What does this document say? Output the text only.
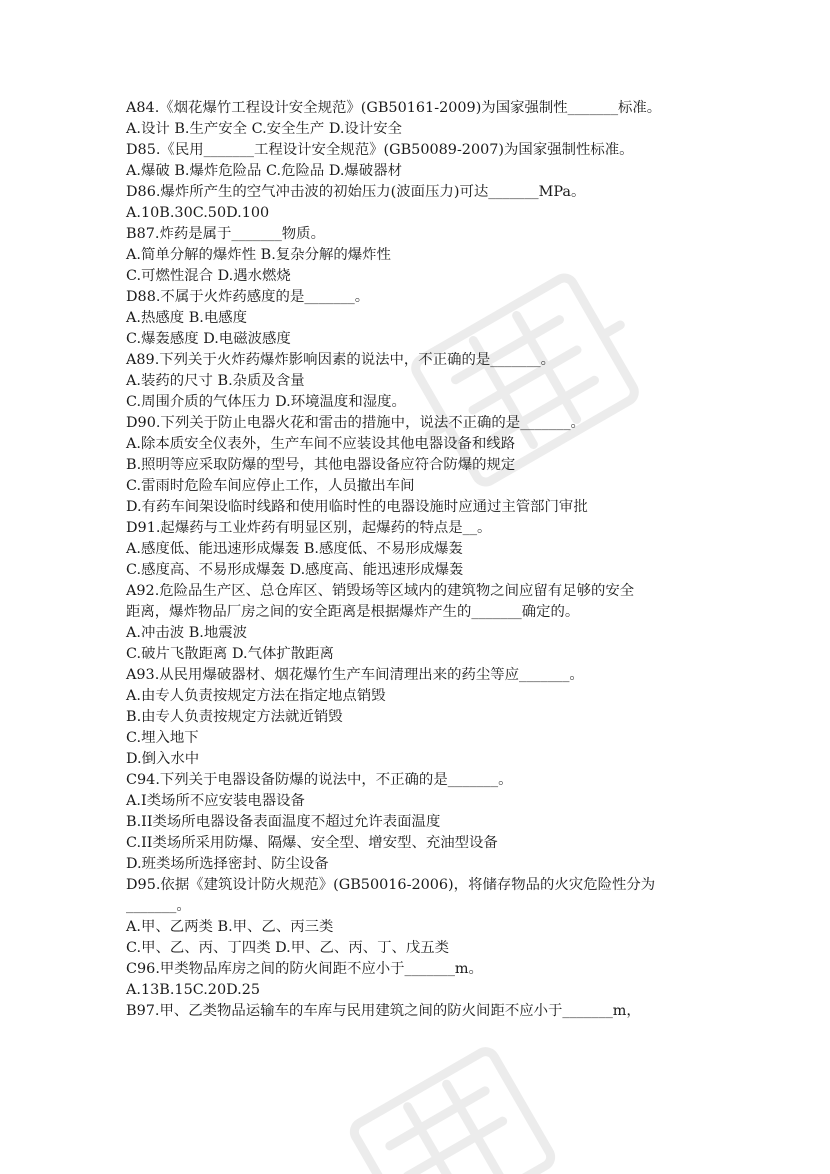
A84.《烟花爆竹工程设计安全规范》(GB50161-2009)为国家强制性_______标准。
A.设计 B.生产安全 C.安全生产 D.设计安全
D85.《民用_______工程设计安全规范》(GB50089-2007)为国家强制性标准。
A.爆破 B.爆炸危险品 C.危险品 D.爆破器材
D86.爆炸所产生的空气冲击波的初始压力(波面压力)可达_______MPa。
A.10B.30C.50D.100
B87.炸药是属于_______物质。
A.简单分解的爆炸性 B.复杂分解的爆炸性
C.可燃性混合 D.遇水燃烧
D88.不属于火炸药感度的是_______。
A.热感度 B.电感度
C.爆轰感度 D.电磁波感度
A89.下列关于火炸药爆炸影响因素的说法中，不正确的是_______。
A.装药的尺寸 B.杂质及含量
C.周围介质的气体压力 D.环境温度和湿度。
D90.下列关于防止电器火花和雷击的措施中，说法不正确的是_______。
A.除本质安全仪表外，生产车间不应装设其他电器设备和线路
B.照明等应采取防爆的型号，其他电器设备应符合防爆的规定
C.雷雨时危险车间应停止工作，人员撤出车间
D.有药车间架设临时线路和使用临时性的电器设施时应通过主管部门审批
D91.起爆药与工业炸药有明显区别，起爆药的特点是__。
A.感度低、能迅速形成爆轰 B.感度低、不易形成爆轰
C.感度高、不易形成爆轰 D.感度高、能迅速形成爆轰
A92.危险品生产区、总仓库区、销毁场等区域内的建筑物之间应留有足够的安全
距离，爆炸物品厂房之间的安全距离是根据爆炸产生的_______确定的。
A.冲击波 B.地震波
C.破片飞散距离 D.气体扩散距离
A93.从民用爆破器材、烟花爆竹生产车间清理出来的药尘等应_______。
A.由专人负责按规定方法在指定地点销毁
B.由专人负责按规定方法就近销毁
C.埋入地下
D.倒入水中
C94.下列关于电器设备防爆的说法中，不正确的是_______。
A.I类场所不应安装电器设备
B.II类场所电器设备表面温度不超过允许表面温度
C.II类场所采用防爆、隔爆、安全型、增安型、充油型设备
D.班类场所选择密封、防尘设备
D95.依据《建筑设计防火规范》(GB50016-2006)，将储存物品的火灾危险性分为
_______。
A.甲、乙两类 B.甲、乙、丙三类
C.甲、乙、丙、丁四类 D.甲、乙、丙、丁、戊五类
C96.甲类物品库房之间的防火间距不应小于_______m。
A.13B.15C.20D.25
B97.甲、乙类物品运输车的车库与民用建筑之间的防火间距不应小于_______m，
